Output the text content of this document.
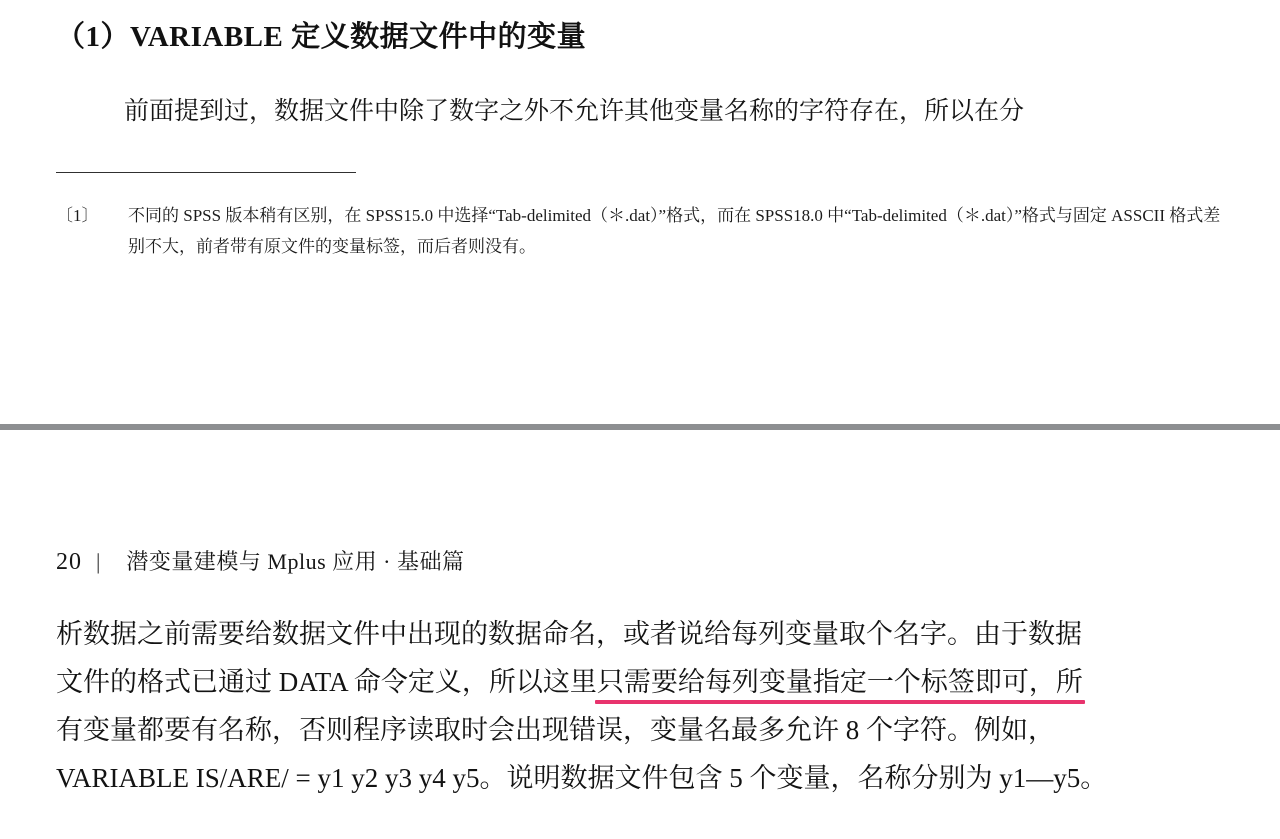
（1）VARIABLE 定义数据文件中的变量
前面提到过，数据文件中除了数字之外不允许其他变量名称的字符存在，所以在分
〔1〕	不同的 SPSS 版本稍有区别，在 SPSS15.0 中选择“Tab-delimited（＊.dat）”格式，而在 SPSS18.0 中“Tab-delimited（＊.dat）”格式与固定 ASSCII 格式差别不大，前者带有原文件的变量标签，而后者则没有。
20 | 潜变量建模与 Mplus 应用 · 基础篇
析数据之前需要给数据文件中出现的数据命名，或者说给每列变量取个名字。由于数据
文件的格式已通过 DATA 命令定义，所以这里只需要给每列变量指定一个标签即可，所
有变量都要有名称，否则程序读取时会出现错误，变量名最多允许 8 个字符。例如，
VARIABLE IS/ARE/ = y1 y2 y3 y4 y5。说明数据文件包含 5 个变量，名称分别为 y1—y5。
